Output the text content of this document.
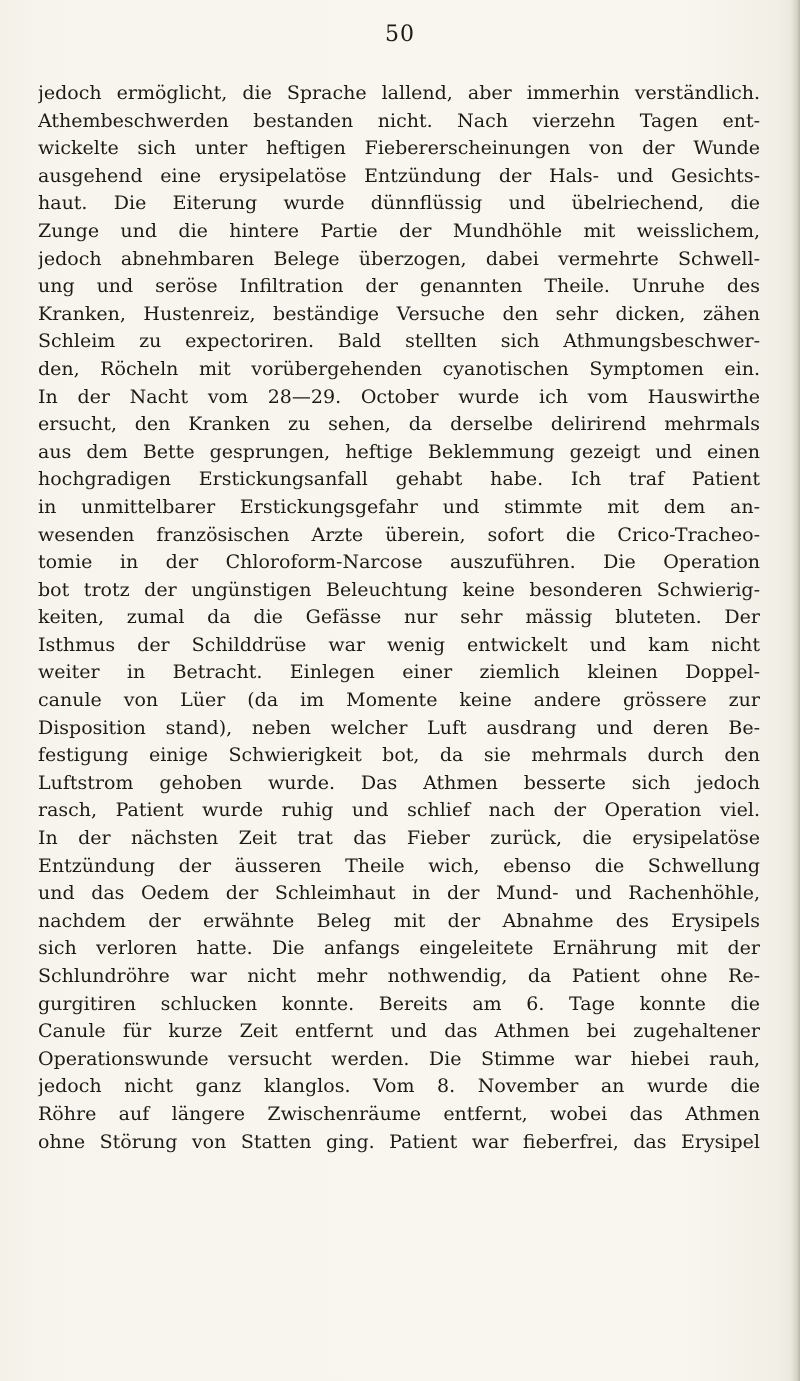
50
jedoch ermöglicht, die Sprache lallend, aber immerhin verständlich.
Athembeschwerden bestanden nicht. Nach vierzehn Tagen ent-
wickelte sich unter heftigen Fiebererscheinungen von der Wunde
ausgehend eine erysipelatöse Entzündung der Hals- und Gesichts-
haut. Die Eiterung wurde dünnflüssig und übelriechend, die
Zunge und die hintere Partie der Mundhöhle mit weisslichem,
jedoch abnehmbaren Belege überzogen, dabei vermehrte Schwell-
ung und seröse Infiltration der genannten Theile. Unruhe des
Kranken, Hustenreiz, beständige Versuche den sehr dicken, zähen
Schleim zu expectoriren. Bald stellten sich Athmungsbeschwer-
den, Röcheln mit vorübergehenden cyanotischen Symptomen ein.
In der Nacht vom 28—29. October wurde ich vom Hauswirthe
ersucht, den Kranken zu sehen, da derselbe delirirend mehrmals
aus dem Bette gesprungen, heftige Beklemmung gezeigt und einen
hochgradigen Erstickungsanfall gehabt habe. Ich traf Patient
in unmittelbarer Erstickungsgefahr und stimmte mit dem an-
wesenden französischen Arzte überein, sofort die Crico-Tracheo-
tomie in der Chloroform-Narcose auszuführen. Die Operation
bot trotz der ungünstigen Beleuchtung keine besonderen Schwierig-
keiten, zumal da die Gefässe nur sehr mässig bluteten. Der
Isthmus der Schilddrüse war wenig entwickelt und kam nicht
weiter in Betracht. Einlegen einer ziemlich kleinen Doppel-
canule von Lüer (da im Momente keine andere grössere zur
Disposition stand), neben welcher Luft ausdrang und deren Be-
festigung einige Schwierigkeit bot, da sie mehrmals durch den
Luftstrom gehoben wurde. Das Athmen besserte sich jedoch
rasch, Patient wurde ruhig und schlief nach der Operation viel.
In der nächsten Zeit trat das Fieber zurück, die erysipelatöse
Entzündung der äusseren Theile wich, ebenso die Schwellung
und das Oedem der Schleimhaut in der Mund- und Rachenhöhle,
nachdem der erwähnte Beleg mit der Abnahme des Erysipels
sich verloren hatte. Die anfangs eingeleitete Ernährung mit der
Schlundröhre war nicht mehr nothwendig, da Patient ohne Re-
gurgitiren schlucken konnte. Bereits am 6. Tage konnte die
Canule für kurze Zeit entfernt und das Athmen bei zugehaltener
Operationswunde versucht werden. Die Stimme war hiebei rauh,
jedoch nicht ganz klanglos. Vom 8. November an wurde die
Röhre auf längere Zwischenräume entfernt, wobei das Athmen
ohne Störung von Statten ging. Patient war fieberfrei, das Erysipel
